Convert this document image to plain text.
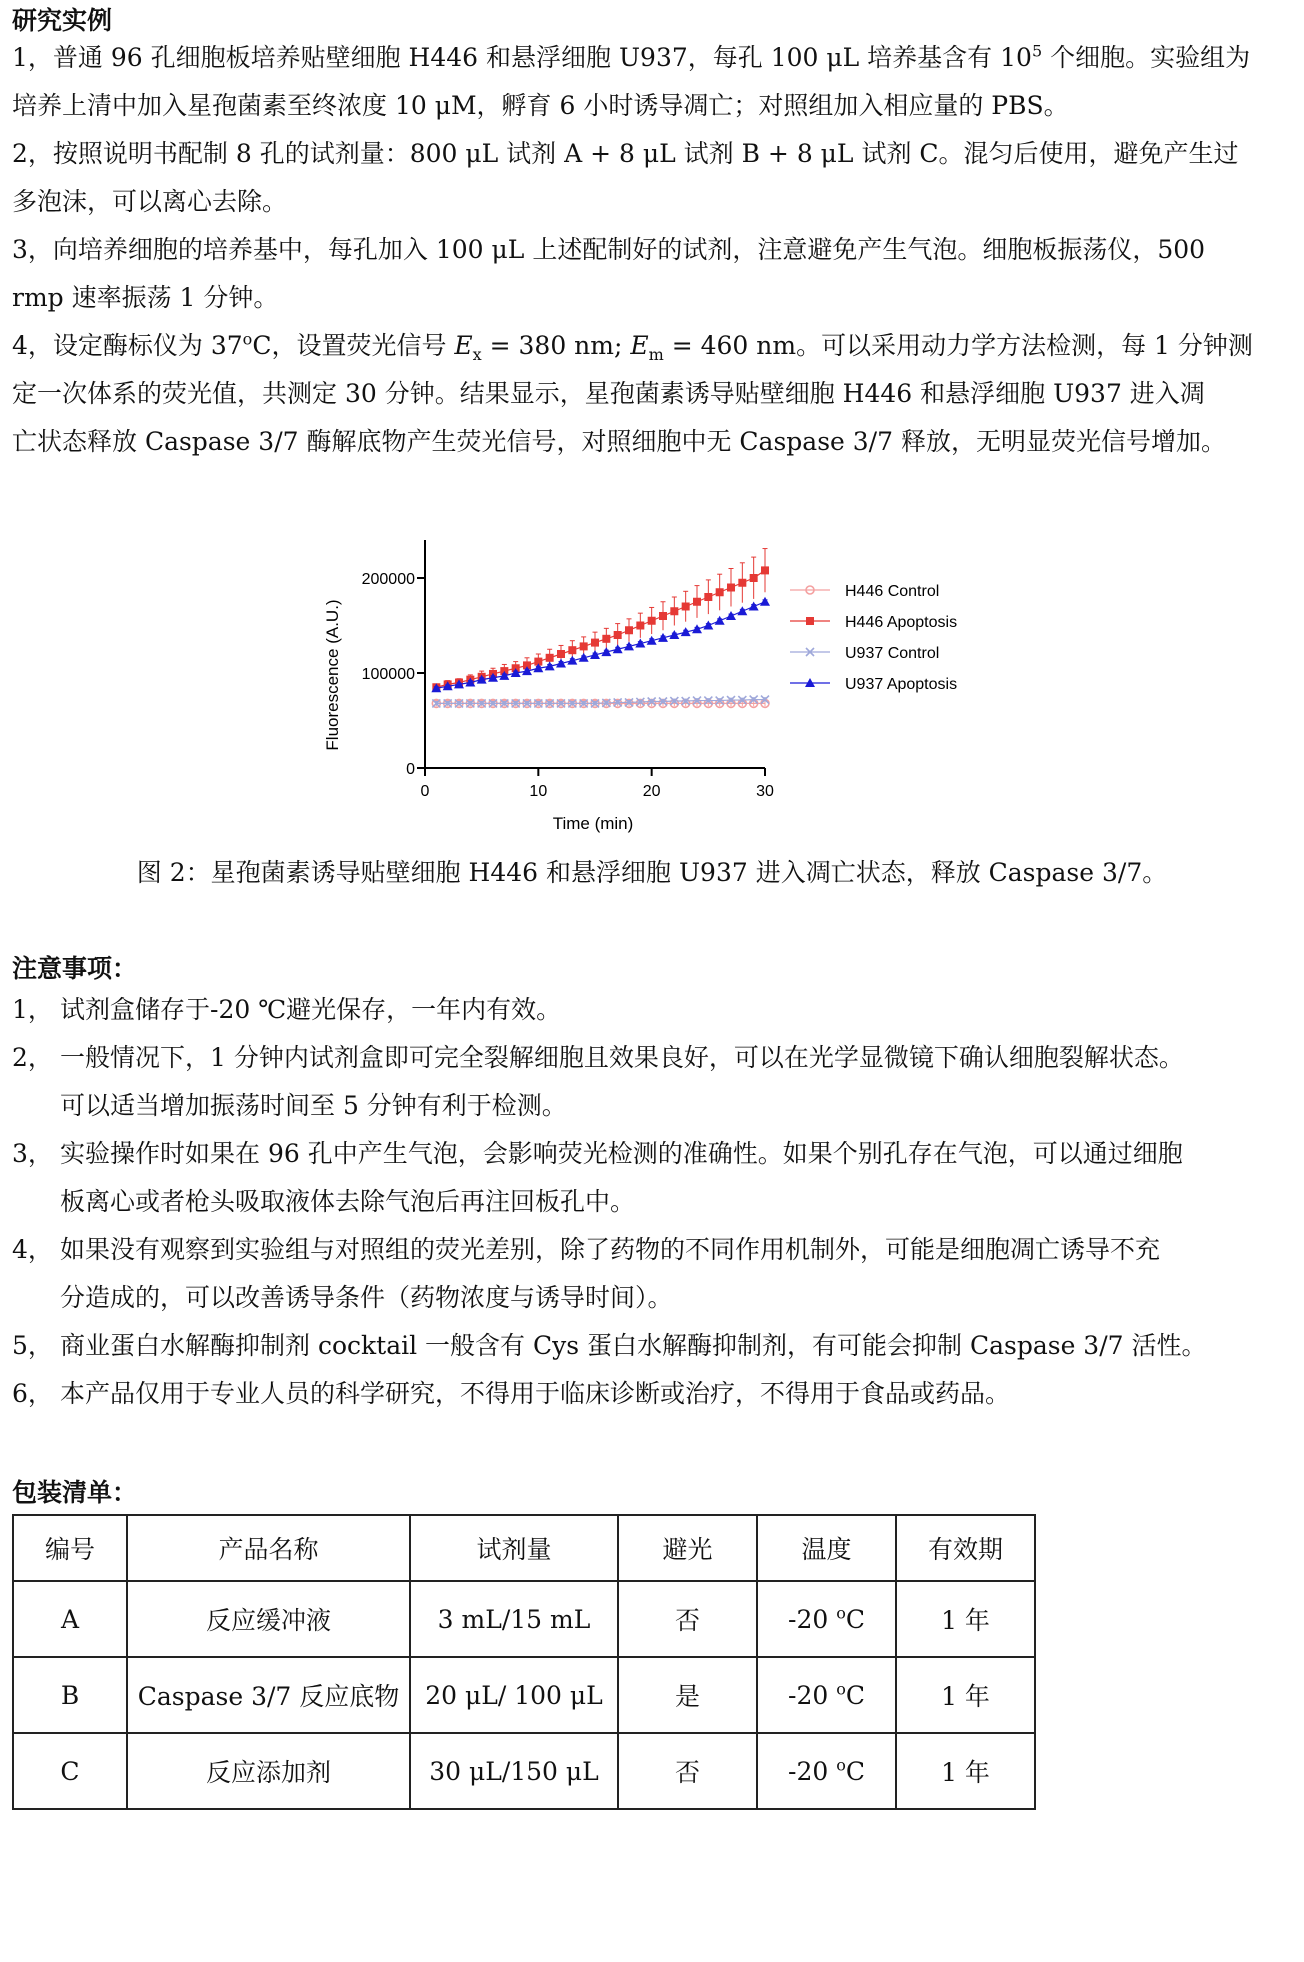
研究实例
1，普通 96 孔细胞板培养贴壁细胞 H446 和悬浮细胞 U937，每孔 100 μL 培养基含有 $10^5$ 个细胞。实验组为
培养上清中加入星孢菌素至终浓度 10 μM，孵育 6 小时诱导凋亡；对照组加入相应量的 PBS。
2，按照说明书配制 8 孔的试剂量：800 μL 试剂 A + 8 μL 试剂 B + 8 μL 试剂 C。混匀后使用，避免产生过
多泡沫，可以离心去除。
3，向培养细胞的培养基中，每孔加入 100 μL 上述配制好的试剂，注意避免产生气泡。细胞板振荡仪，500
rmp 速率振荡 1 分钟。
4，设定酶标仪为 37$^o$C，设置荧光信号 $E_x = 380$ nm; $E_m = 460$ nm。可以采用动力学方法检测，每 1 分钟测
定一次体系的荧光值，共测定 30 分钟。结果显示，星孢菌素诱导贴壁细胞 H446 和悬浮细胞 U937 进入凋
亡状态释放 Caspase 3/7 酶解底物产生荧光信号，对照细胞中无 Caspase 3/7 释放，无明显荧光信号增加。
0
100000
200000
0	10	20	30
Fluorescence (A.U.)
Time (min)
H446 Control
H446 Apoptosis
U937 Control
U937 Apoptosis
图 2：星孢菌素诱导贴壁细胞 H446 和悬浮细胞 U937 进入凋亡状态，释放 Caspase 3/7。
注意事项：
1， 试剂盒储存于-20 ℃避光保存，一年内有效。
2， 一般情况下，1 分钟内试剂盒即可完全裂解细胞且效果良好，可以在光学显微镜下确认细胞裂解状态。
可以适当增加振荡时间至 5 分钟有利于检测。
3， 实验操作时如果在 96 孔中产生气泡，会影响荧光检测的准确性。如果个别孔存在气泡，可以通过细胞
板离心或者枪头吸取液体去除气泡后再注回板孔中。
4， 如果没有观察到实验组与对照组的荧光差别，除了药物的不同作用机制外，可能是细胞凋亡诱导不充
分造成的，可以改善诱导条件（药物浓度与诱导时间）。
5， 商业蛋白水解酶抑制剂 cocktail 一般含有 Cys 蛋白水解酶抑制剂，有可能会抑制 Caspase 3/7 活性。
6， 本产品仅用于专业人员的科学研究，不得用于临床诊断或治疗，不得用于食品或药品。
包装清单：
编号	产品名称	试剂量	避光	温度	有效期
A	反应缓冲液	3 mL/15 mL	否	-20 $^o$C	1 年
B	Caspase 3/7 反应底物	20 μL/ 100 μL	是	-20 $^o$C	1 年
C	反应添加剂	30 μL/150 μL	否	-20 $^o$C	1 年
